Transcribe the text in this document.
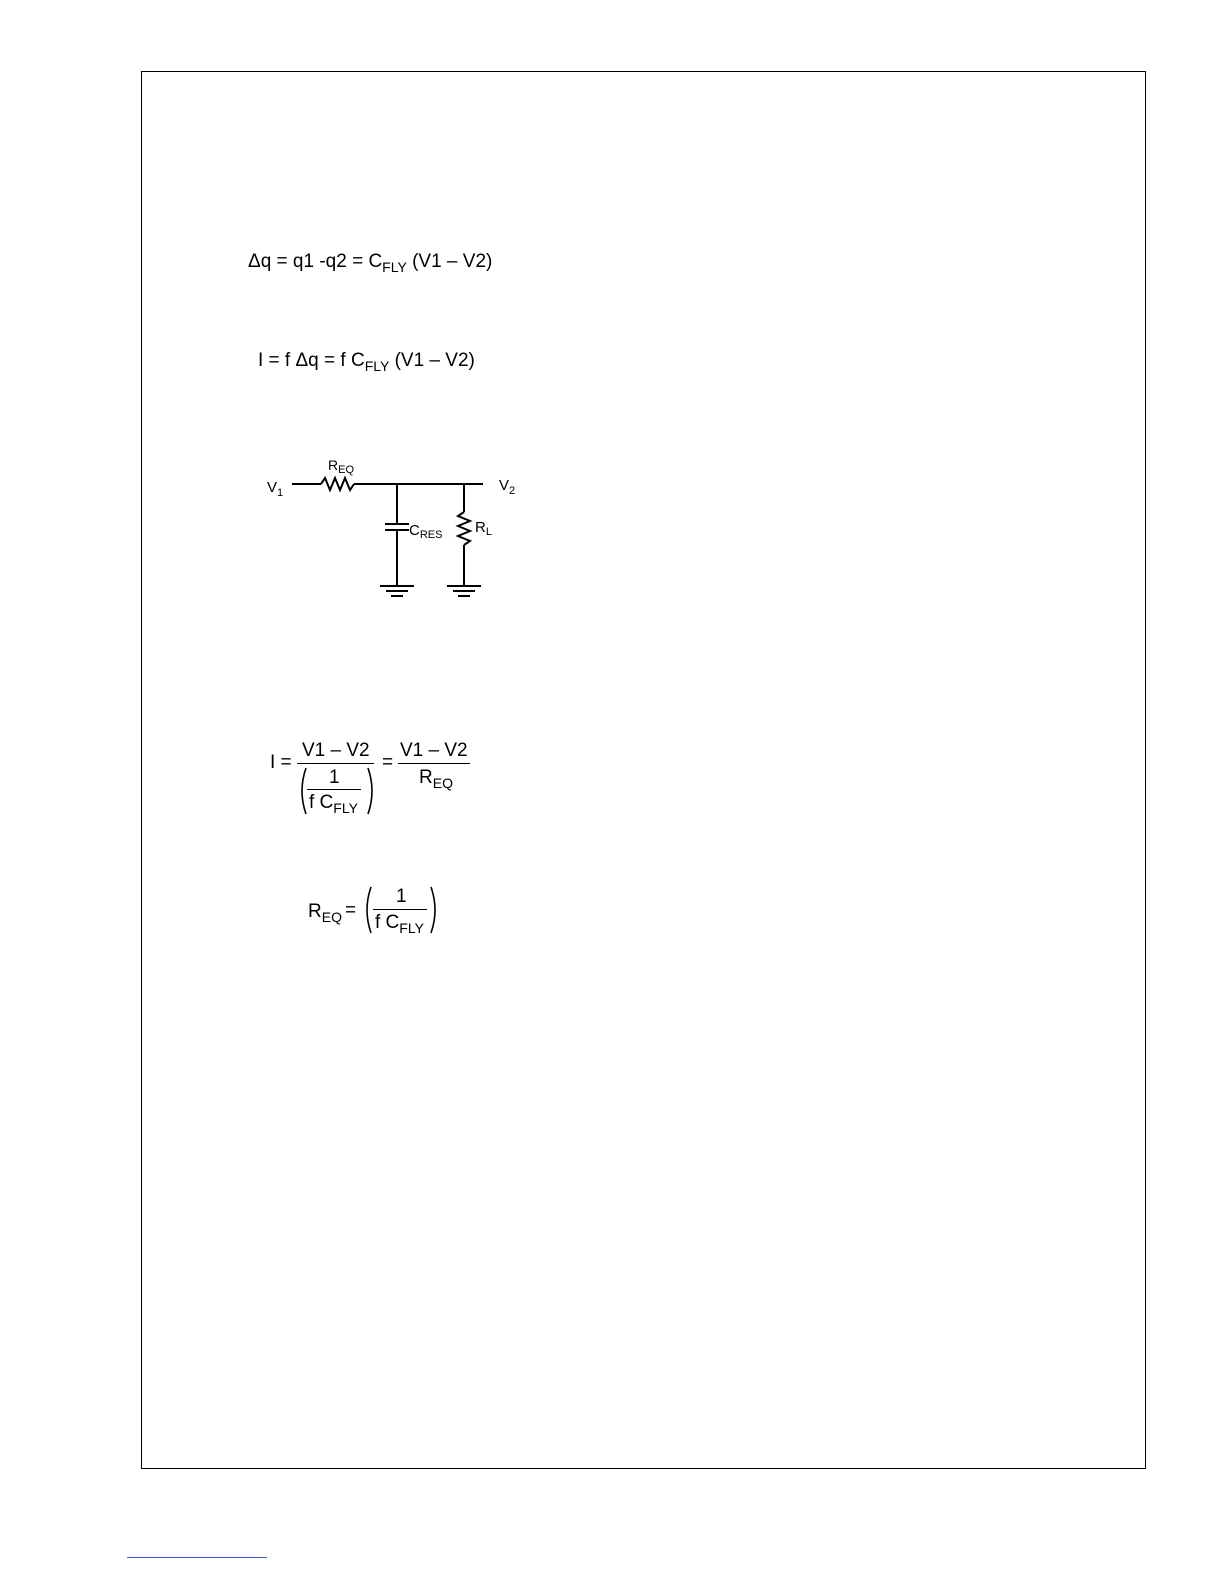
Δq = q1 $-q2 = C_{FLY}$ (V1 – V2)
I = f Δq = f $C_{FLY}$ (V1 – V2)
$V_1$	$V_2$
$R_{EQ}$
$C_{RES}$ $R_L$
I =
V1 – V2
1
f $C_{FLY}$
=
V1 – V2
$R_{EQ}$
$R_{EQ}$ =
1
f $C_{FLY}$
